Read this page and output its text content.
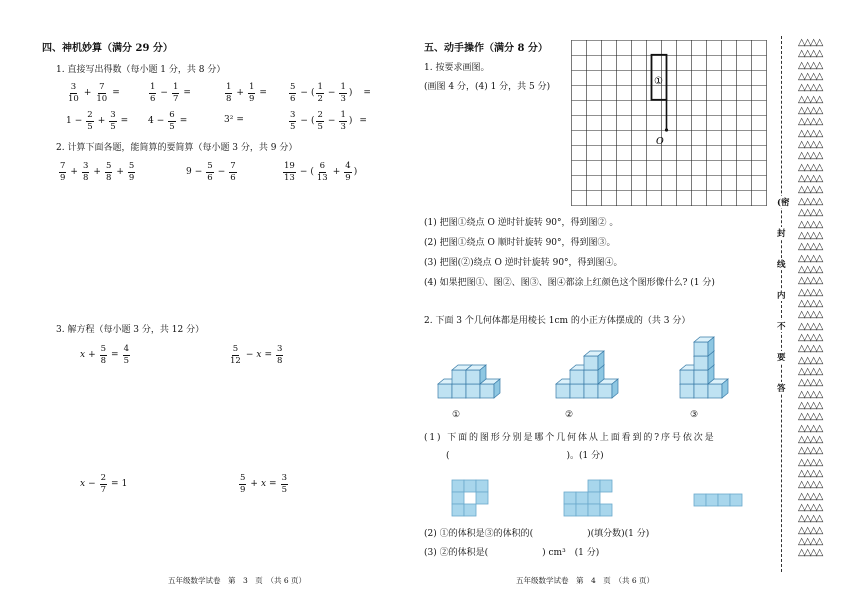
四、神机妙算（满分 29 分）
1. 直接写出得数（每小题 1 分，共 8 分）
$\frac{3}{10} + \frac{7}{10}$ =	$\frac{1}{6} - \frac{1}{7}$ =	$\frac{1}{8} + \frac{1}{9}$ =	$\frac{5}{6}$ − ( $\frac{1}{2} - \frac{1}{3}$ ) =
$1 - \frac{2}{5} + \frac{3}{5} = 4 - \frac{6}{5}$ =	3² =	$\frac{3}{5}$ − ( $\frac{2}{5} - \frac{1}{3}$ ) =
2. 计算下面各题，能简算的要简算（每小题 3 分，共 9 分）
$\frac{7}{9} + \frac{3}{8} + \frac{5}{8} + \frac{5}{9}$	$9 - \frac{5}{6} - \frac{7}{6}$	$\frac{19}{13}$ − ( $\frac{6}{13} + \frac{4}{9}$ )
3. 解方程（每小题 3 分，共 12 分）
$x + \frac{5}{8} = \frac{4}{5}$	$\frac{5}{12} - x = \frac{3}{8}$
$x - \frac{2}{7} = 1$	$\frac{5}{9} + x = \frac{3}{5}$
五年级数学试卷　第　3　页　（共 6 页）
五、动手操作（满分 8 分）
1. 按要求画图。
(画图 4 分，(4) 1 分，共 5 分)	①
O
(1) 把图①绕点 O 逆时针旋转 90°，得到图② 。
(2) 把图①绕点 O 顺时针旋转 90°，得到图③。
(3) 把图(②)绕点 O 逆时针旋转 90°，得到图④。
(4) 如果把图①、图②、图③、图④都涂上红颜色这个图形像什么? (1 分)
2. 下面 3 个几何体都是用棱长 1cm 的小正方体摆成的（共 3 分）
①	②	③
(1) 下面的图形分别是哪个几何体从上面看到的?序号依次是
(　　　　　　　　　　　　　)。(1 分)
(2) ①的体积是③的体积的(　　　　　　)(填分数)(1 分)
(3) ②的体积是(　　　　　　) cm³　(1 分)
五年级数学试卷　第　4　页　（共 6 页）
(密
封
线
内
不
要
答
△△△△
△△△△
△△△△
△△△△
△△△△
△△△△
△△△△
△△△△
△△△△
△△△△
△△△△
△△△△
△△△△
△△△△
△△△△
△△△△
△△△△
△△△△
△△△△
△△△△
△△△△
△△△△
△△△△
△△△△
△△△△
△△△△
△△△△
△△△△
△△△△
△△△△
△△△△
△△△△
△△△△
△△△△
△△△△
△△△△
△△△△
△△△△
△△△△
△△△△
△△△△
△△△△
△△△△
△△△△
△△△△
△△△△
